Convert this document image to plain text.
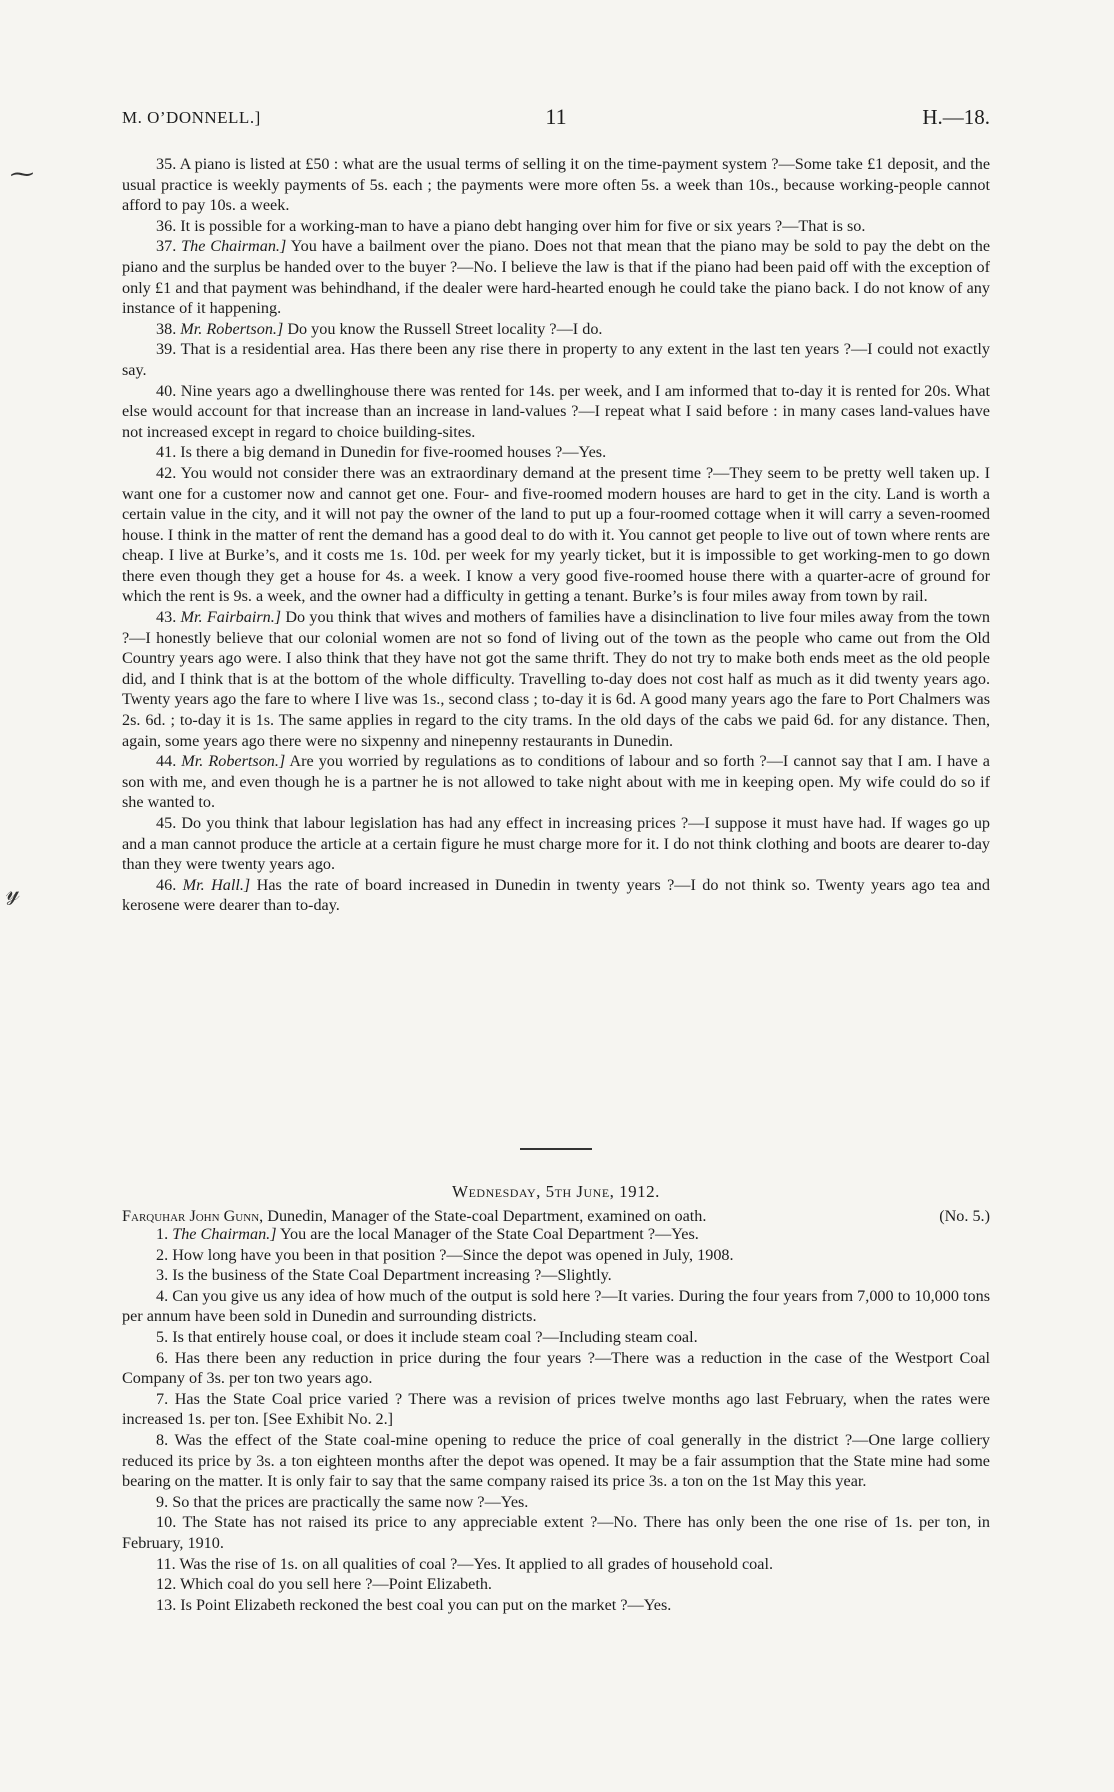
M. O’DONNELL.]	11	H.—18.
⁓
𝓎

35. A piano is listed at £50 : what are the usual terms of selling it on the time-payment system ?—Some take £1 deposit, and the usual practice is weekly payments of 5s. each ; the payments were more often 5s. a week than 10s., because working-people cannot afford to pay 10s. a week.

36. It is possible for a working-man to have a piano debt hanging over him for five or six years ?—That is so.

37. The Chairman.] You have a bailment over the piano. Does not that mean that the piano may be sold to pay the debt on the piano and the surplus be handed over to the buyer ?—No. I believe the law is that if the piano had been paid off with the exception of only £1 and that payment was behindhand, if the dealer were hard-hearted enough he could take the piano back. I do not know of any instance of it happening.

38. Mr. Robertson.] Do you know the Russell Street locality ?—I do.

39. That is a residential area. Has there been any rise there in property to any extent in the last ten years ?—I could not exactly say.

40. Nine years ago a dwellinghouse there was rented for 14s. per week, and I am informed that to-day it is rented for 20s. What else would account for that increase than an increase in land-values ?—I repeat what I said before : in many cases land-values have not increased except in regard to choice building-sites.

41. Is there a big demand in Dunedin for five-roomed houses ?—Yes.

42. You would not consider there was an extraordinary demand at the present time ?—They seem to be pretty well taken up. I want one for a customer now and cannot get one. Four- and five-roomed modern houses are hard to get in the city. Land is worth a certain value in the city, and it will not pay the owner of the land to put up a four-roomed cottage when it will carry a seven-roomed house. I think in the matter of rent the demand has a good deal to do with it. You cannot get people to live out of town where rents are cheap. I live at Burke’s, and it costs me 1s. 10d. per week for my yearly ticket, but it is impossible to get working-men to go down there even though they get a house for 4s. a week. I know a very good five-roomed house there with a quarter-acre of ground for which the rent is 9s. a week, and the owner had a difficulty in getting a tenant. Burke’s is four miles away from town by rail.

43. Mr. Fairbairn.] Do you think that wives and mothers of families have a disinclination to live four miles away from the town ?—I honestly believe that our colonial women are not so fond of living out of the town as the people who came out from the Old Country years ago were. I also think that they have not got the same thrift. They do not try to make both ends meet as the old people did, and I think that is at the bottom of the whole difficulty. Travelling to-day does not cost half as much as it did twenty years ago. Twenty years ago the fare to where I live was 1s., second class ; to-day it is 6d. A good many years ago the fare to Port Chalmers was 2s. 6d. ; to-day it is 1s. The same applies in regard to the city trams. In the old days of the cabs we paid 6d. for any distance. Then, again, some years ago there were no sixpenny and ninepenny restaurants in Dunedin.

44. Mr. Robertson.] Are you worried by regulations as to conditions of labour and so forth ?—I cannot say that I am. I have a son with me, and even though he is a partner he is not allowed to take night about with me in keeping open. My wife could do so if she wanted to.

45. Do you think that labour legislation has had any effect in increasing prices ?—I suppose it must have had. If wages go up and a man cannot produce the article at a certain figure he must charge more for it. I do not think clothing and boots are dearer to-day than they were twenty years ago.

46. Mr. Hall.] Has the rate of board increased in Dunedin in twenty years ?—I do not think so. Twenty years ago tea and kerosene were dearer than to-day.

Wednesday, 5th June, 1912.
Farquhar John Gunn, Dunedin, Manager of the State-coal Department, examined on oath.	(No. 5.)

1. The Chairman.] You are the local Manager of the State Coal Department ?—Yes.

2. How long have you been in that position ?—Since the depot was opened in July, 1908.

3. Is the business of the State Coal Department increasing ?—Slightly.

4. Can you give us any idea of how much of the output is sold here ?—It varies. During the four years from 7,000 to 10,000 tons per annum have been sold in Dunedin and surrounding districts.

5. Is that entirely house coal, or does it include steam coal ?—Including steam coal.

6. Has there been any reduction in price during the four years ?—There was a reduction in the case of the Westport Coal Company of 3s. per ton two years ago.

7. Has the State Coal price varied ? There was a revision of prices twelve months ago last February, when the rates were increased 1s. per ton. [See Exhibit No. 2.]

8. Was the effect of the State coal-mine opening to reduce the price of coal generally in the district ?—One large colliery reduced its price by 3s. a ton eighteen months after the depot was opened. It may be a fair assumption that the State mine had some bearing on the matter. It is only fair to say that the same company raised its price 3s. a ton on the 1st May this year.

9. So that the prices are practically the same now ?—Yes.

10. The State has not raised its price to any appreciable extent ?—No. There has only been the one rise of 1s. per ton, in February, 1910.

11. Was the rise of 1s. on all qualities of coal ?—Yes. It applied to all grades of household coal.

12. Which coal do you sell here ?—Point Elizabeth.

13. Is Point Elizabeth reckoned the best coal you can put on the market ?—Yes.
